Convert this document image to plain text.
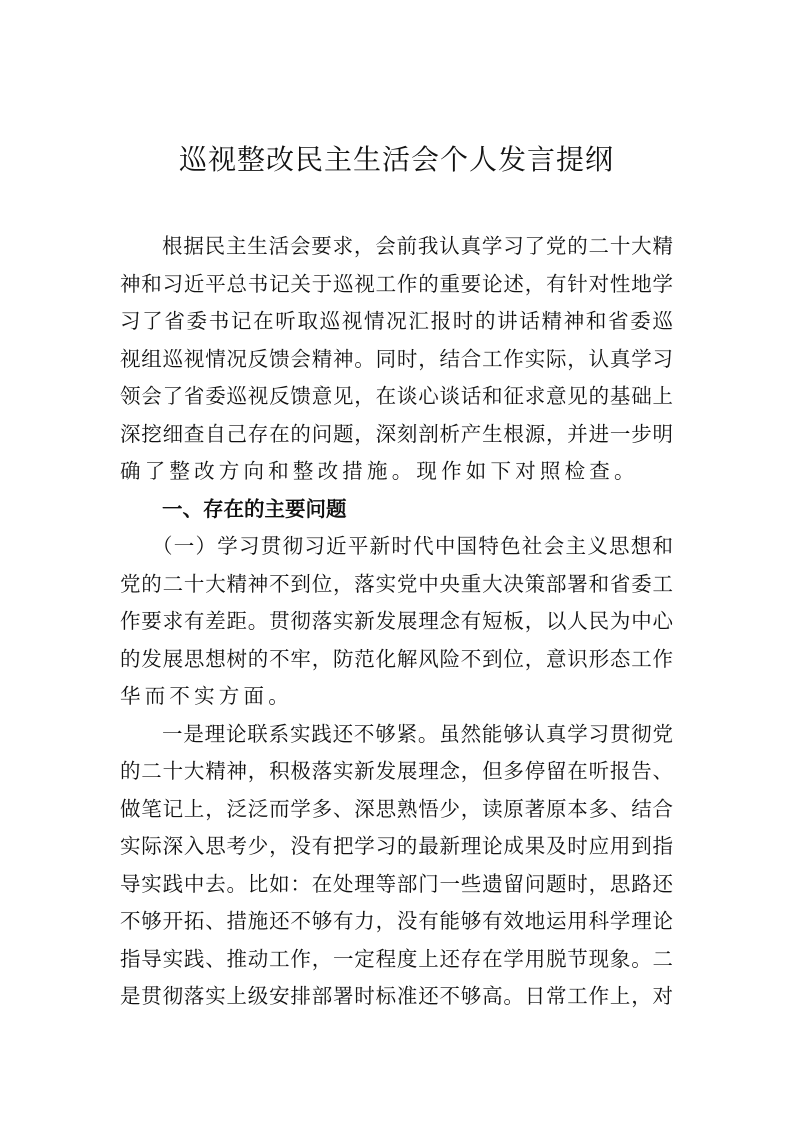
巡视整改民主生活会个人发言提纲
根据民主生活会要求，会前我认真学习了党的二十大精
神和习近平总书记关于巡视工作的重要论述，有针对性地学
习了省委书记在听取巡视情况汇报时的讲话精神和省委巡
视组巡视情况反馈会精神。同时，结合工作实际，认真学习
领会了省委巡视反馈意见，在谈心谈话和征求意见的基础上
深挖细查自己存在的问题，深刻剖析产生根源，并进一步明
确了整改方向和整改措施。现作如下对照检查。
一、存在的主要问题
（一）学习贯彻习近平新时代中国特色社会主义思想和
党的二十大精神不到位，落实党中央重大决策部署和省委工
作要求有差距。贯彻落实新发展理念有短板，以人民为中心
的发展思想树的不牢，防范化解风险不到位，意识形态工作
华而不实方面。
一是理论联系实践还不够紧。虽然能够认真学习贯彻党
的二十大精神，积极落实新发展理念，但多停留在听报告、
做笔记上，泛泛而学多、深思熟悟少，读原著原本多、结合
实际深入思考少，没有把学习的最新理论成果及时应用到指
导实践中去。比如：在处理等部门一些遗留问题时，思路还
不够开拓、措施还不够有力，没有能够有效地运用科学理论
指导实践、推动工作，一定程度上还存在学用脱节现象。二
是贯彻落实上级安排部署时标准还不够高。日常工作上，对
